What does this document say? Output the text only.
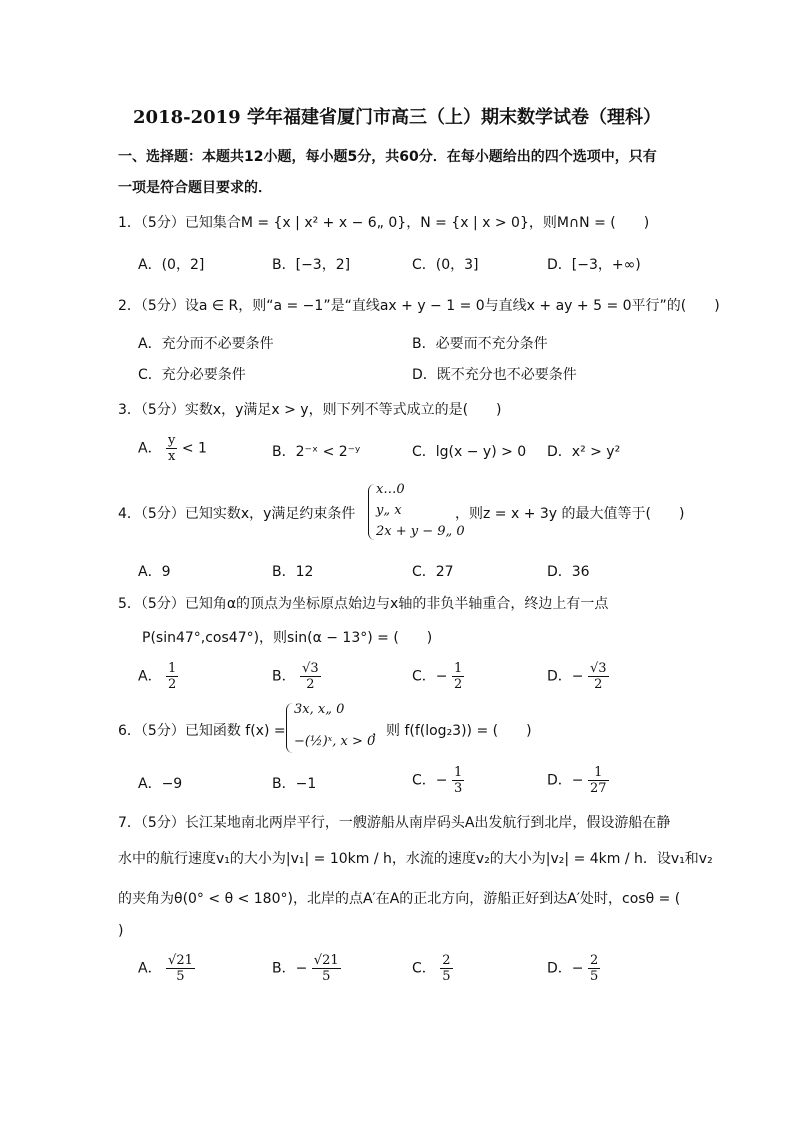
2018-2019 学年福建省厦门市高三（上）期末数学试卷（理科）
一、选择题：本题共12小题，每小题5分，共60分．在每小题给出的四个选项中，只有
一项是符合题目要求的．
1．（5分）已知集合M = {x | x² + x − 6„ 0}，N = {x | x > 0}，则M∩N = (　　)
A．(0，2]	B．[−3，2]	C．(0，3]	D．[−3，+∞)
2．（5分）设a ∈ R，则“a = −1”是“直线ax + y − 1 = 0与直线x + ay + 5 = 0平行”的(　　)
A．充分而不必要条件	B．必要而不充分条件
C．充分必要条件	D．既不充分也不必要条件
3．（5分）实数x，y满足x > y，则下列不等式成立的是(　　)
A． $\frac{y}{x} < 1$	B．2⁻ˣ < 2⁻ʸ	C．lg(x − y) > 0 D．x² > y²
4．（5分）已知实数x，y满足约束条件
x…0
y„ x
2x + y − 9„ 0
，则z = x + 3y 的最大值等于(　　)
A．9	B．12	C．27	D．36
5．（5分）已知角α的顶点为坐标原点始边与x轴的非负半轴重合，终边上有一点
P(sin47°,cos47°)，则sin(α − 13°) = (　　)
A． $\frac{1}{2}$	B． $\frac{√3}{2}$	C．− $\frac{1}{2}$	D．− $\frac{√3}{2}$
6．（5分）已知函数 f(x) =
3x, x„ 0
−(½)ˣ, x > 0
，则 f(f(log₂3)) = (　　)
A．−9	B．−1	C．− $\frac{1}{3}$	D．− $\frac{1}{27}$
7．（5分）长江某地南北两岸平行，一艘游船从南岸码头A出发航行到北岸，假设游船在静
水中的航行速度v₁的大小为|v₁| = 10km / h，水流的速度v₂的大小为|v₂| = 4km / h．设v₁和v₂
的夹角为θ(0° < θ < 180°)，北岸的点A′在A的正北方向，游船正好到达A′处时，cosθ = (
)
A． $\frac{√21}{5}$	B．− $\frac{√21}{5}$	C． $\frac{2}{5}$	D．− $\frac{2}{5}$
